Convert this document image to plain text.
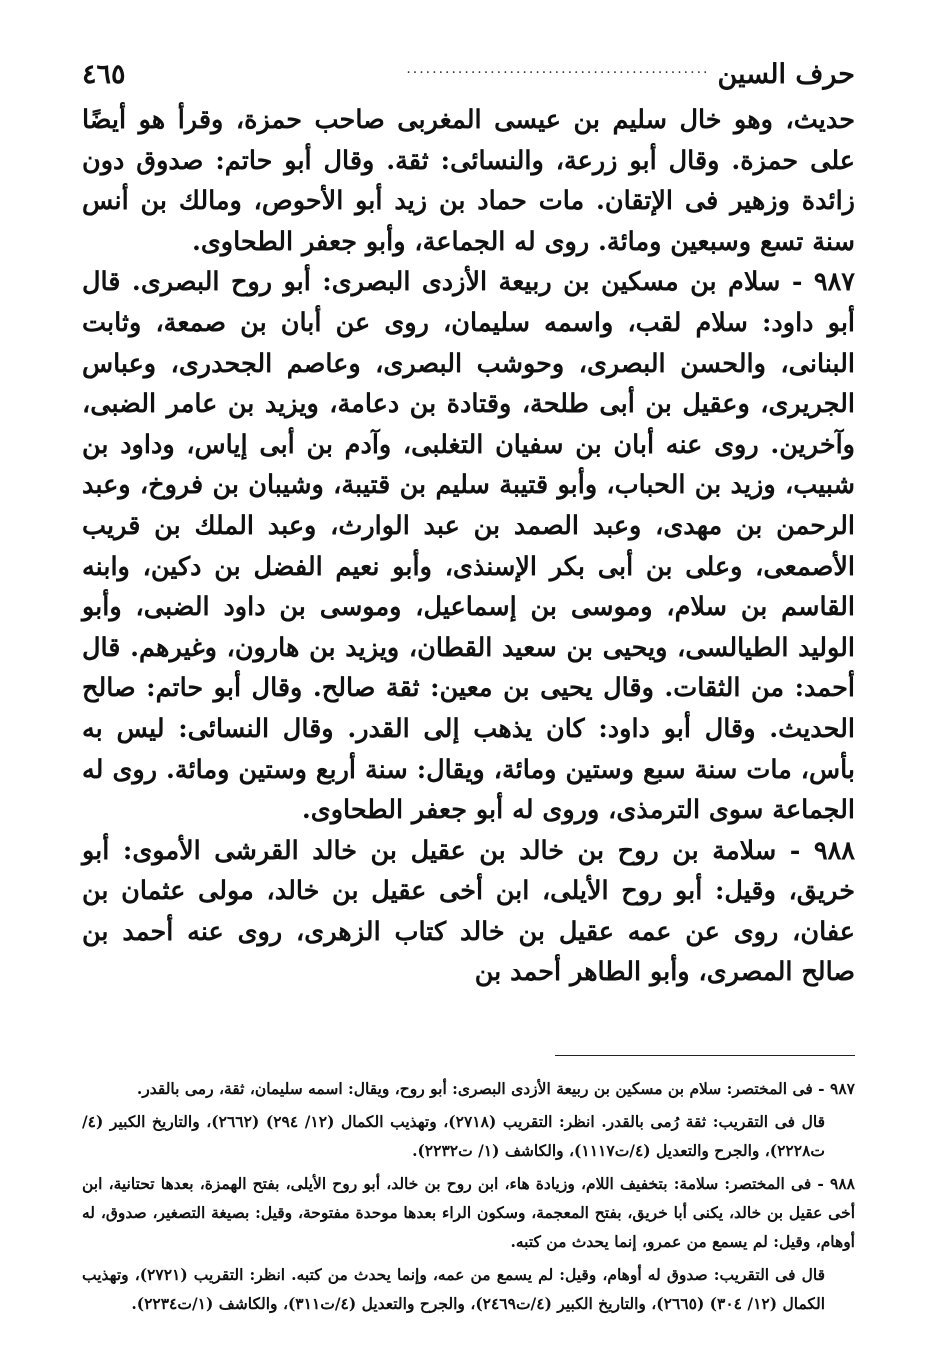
حرف السين
...............................................
٤٦٥

حديث، وهو خال سليم بن عيسى المغربى صاحب حمزة، وقرأ هو أيضًا على حمزة. وقال أبو زرعة، والنسائى: ثقة. وقال أبو حاتم: صدوق دون زائدة وزهير فى الإتقان. مات حماد بن زيد أبو الأحوص، ومالك بن أنس سنة تسع وسبعين ومائة. روى له الجماعة، وأبو جعفر الطحاوى.

٩٨٧ - سلام بن مسكين بن ربيعة الأزدى البصرى: أبو روح البصرى. قال أبو داود: سلام لقب، واسمه سليمان، روى عن أبان بن صمعة، وثابت البنانى، والحسن البصرى، وحوشب البصرى، وعاصم الجحدرى، وعباس الجريرى، وعقيل بن أبى طلحة، وقتادة بن دعامة، ويزيد بن عامر الضبى، وآخرين. روى عنه أبان بن سفيان التغلبى، وآدم بن أبى إياس، وداود بن شبيب، وزيد بن الحباب، وأبو قتيبة سليم بن قتيبة، وشيبان بن فروخ، وعبد الرحمن بن مهدى، وعبد الصمد بن عبد الوارث، وعبد الملك بن قريب الأصمعى، وعلى بن أبى بكر الإسنذى، وأبو نعيم الفضل بن دكين، وابنه القاسم بن سلام، وموسى بن إسماعيل، وموسى بن داود الضبى، وأبو الوليد الطيالسى، ويحيى بن سعيد القطان، ويزيد بن هارون، وغيرهم. قال أحمد: من الثقات. وقال يحيى بن معين: ثقة صالح. وقال أبو حاتم: صالح الحديث. وقال أبو داود: كان يذهب إلى القدر. وقال النسائى: ليس به بأس، مات سنة سبع وستين ومائة، ويقال: سنة أربع وستين ومائة. روى له الجماعة سوى الترمذى، وروى له أبو جعفر الطحاوى.

٩٨٨ - سلامة بن روح بن خالد بن عقيل بن خالد القرشى الأموى: أبو خريق، وقيل: أبو روح الأيلى، ابن أخى عقيل بن خالد، مولى عثمان بن عفان، روى عن عمه عقيل بن خالد كتاب الزهرى، روى عنه أحمد بن صالح المصرى، وأبو الطاهر أحمد بن

٩٨٧ - فى المختصر: سلام بن مسكين بن ربيعة الأزدى البصرى: أبو روح، ويقال: اسمه سليمان، ثقة، رمى بالقدر.

قال فى التقريب: ثقة رُمى بالقدر. انظر: التقريب (٢٧١٨)، وتهذيب الكمال (١٢/ ٢٩٤) (٢٦٦٢)، والتاريخ الكبير (٤/ت٢٢٢٨)، والجرح والتعديل (٤/ت١١١٧)، والكاشف (١/ ت٢٢٣٢).

٩٨٨ - فى المختصر: سلامة: بتخفيف اللام، وزيادة هاء، ابن روح بن خالد، أبو روح الأيلى، بفتح الهمزة، بعدها تحتانية، ابن أخى عقيل بن خالد، يكنى أبا خريق، بفتح المعجمة، وسكون الراء بعدها موحدة مفتوحة، وقيل: بصيغة التصغير، صدوق، له أوهام، وقيل: لم يسمع من عمرو، إنما يحدث من كتبه.

قال فى التقريب: صدوق له أوهام، وقيل: لم يسمع من عمه، وإنما يحدث من كتبه. انظر: التقريب (٢٧٢١)، وتهذيب الكمال (١٢/ ٣٠٤) (٢٦٦٥)، والتاريخ الكبير (٤/ت٢٤٦٩)، والجرح والتعديل (٤/ت٣١١)، والكاشف (١/ت٢٢٣٤).
